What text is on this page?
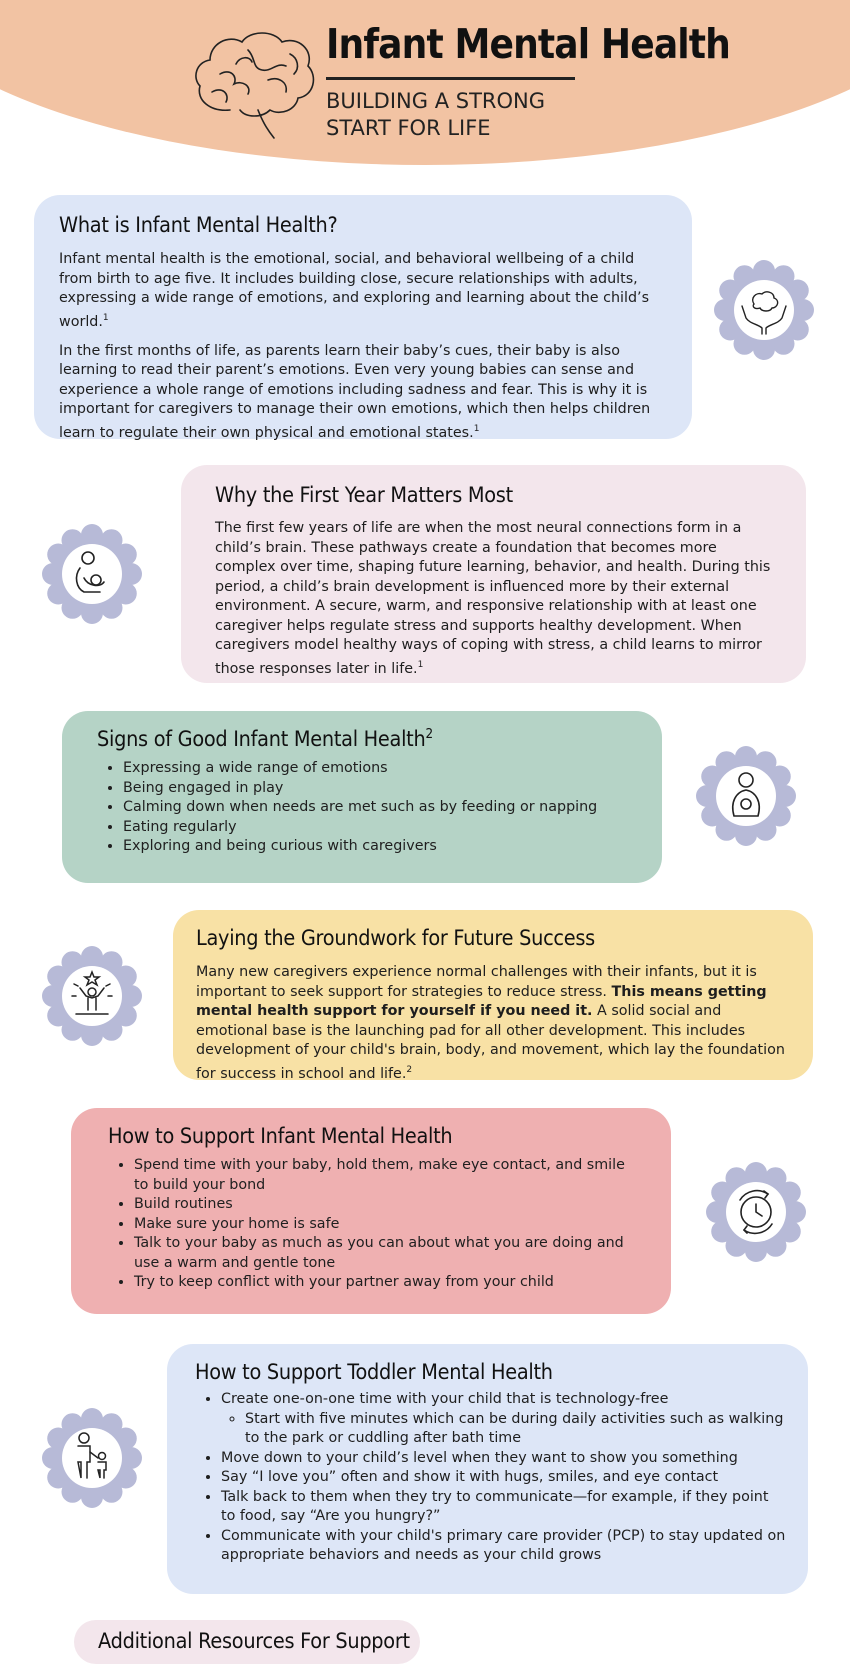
Infant Mental Health
BUILDING A STRONG
START FOR LIFE
What is Infant Mental Health?

Infant mental health is the emotional, social, and behavioral wellbeing of a child from birth to age five. It includes building close, secure relationships with adults, expressing a wide range of emotions, and exploring and learning about the child’s world.$^1$

In the first months of life, as parents learn their baby’s cues, their baby is also learning to read their parent’s emotions. Even very young babies can sense and experience a whole range of emotions including sadness and fear. This is why it is important for caregivers to manage their own emotions, which then helps children learn to regulate their own physical and emotional states.$^1$

Why the First Year Matters Most

The first few years of life are when the most neural connections form in a child’s brain. These pathways create a foundation that becomes more complex over time, shaping future learning, behavior, and health. During this period, a child’s brain development is influenced more by their external environment. A secure, warm, and responsive relationship with at least one caregiver helps regulate stress and supports healthy development. When caregivers model healthy ways of coping with stress, a child learns to mirror those responses later in life.$^1$

Signs of Good Infant Mental Health$^2$
• Expressing a wide range of emotions
• Being engaged in play
• Calming down when needs are met such as by feeding or napping
• Eating regularly
• Exploring and being curious with caregivers
Laying the Groundwork for Future Success

Many new caregivers experience normal challenges with their infants, but it is important to seek support for strategies to reduce stress. This means getting mental health support for yourself if you need it. A solid social and emotional base is the launching pad for all other development. This includes development of your child's brain, body, and movement, which lay the foundation for success in school and life.$^2$

How to Support Infant Mental Health
• Spend time with your baby, hold them, make eye contact, and smile to build your bond
• Build routines
• Make sure your home is safe
• Talk to your baby as much as you can about what you are doing and use a warm and gentle tone
• Try to keep conflict with your partner away from your child
How to Support Toddler Mental Health
• Create one-on-one time with your child that is technology-free
◦ Start with five minutes which can be during daily activities such as walking to the park or cuddling after bath time
• Move down to your child’s level when they want to show you something
• Say “I love you” often and show it with hugs, smiles, and eye contact
• Talk back to them when they try to communicate—for example, if they point to food, say “Are you hungry?”
• Communicate with your child's primary care provider (PCP) to stay updated on appropriate behaviors and needs as your child grows
Additional Resources For Support
